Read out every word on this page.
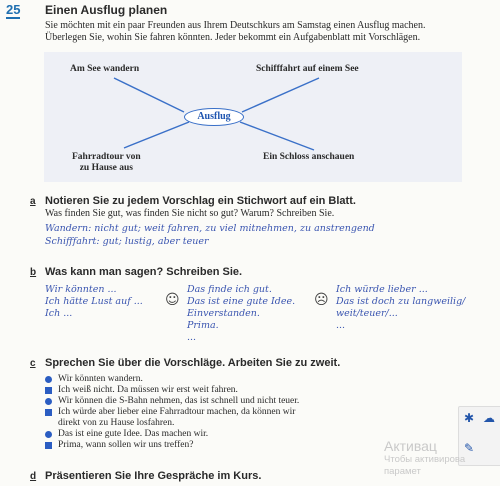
25 Einen Ausflug planen
Sie möchten mit ein paar Freunden aus Ihrem Deutschkurs am Samstag einen Ausflug machen.
Überlegen Sie, wohin Sie fahren könnten. Jeder bekommt ein Aufgabenblatt mit Vorschlägen.
Am See wandern	Schifffahrt auf einem See
Ausflug
Fahrradtour von
zu Hause aus
Ein Schloss anschauen
a Notieren Sie zu jedem Vorschlag ein Stichwort auf ein Blatt.
Was finden Sie gut, was finden Sie nicht so gut? Warum? Schreiben Sie.
Wandern: nicht gut; weit fahren, zu viel mitnehmen, zu anstrengend
Schifffahrt: gut; lustig, aber teuer
b Was kann man sagen? Schreiben Sie.
Wir könnten ...
Ich hätte Lust auf ...
Ich ...
☺
Das finde ich gut.
Das ist eine gute Idee.
Einverstanden.
Prima.
...
☹
Ich würde lieber ...
Das ist doch zu langweilig/
weit/teuer/...
...
c Sprechen Sie über die Vorschläge. Arbeiten Sie zu zweit.
Wir könnten wandern.
Ich weiß nicht. Da müssen wir erst weit fahren.
Wir können die S-Bahn nehmen, das ist schnell und nicht teuer.
Ich würde aber lieber eine Fahrradtour machen, da können wir
direkt von zu Hause losfahren.
Das ist eine gute Idee. Das machen wir.
Prima, wann sollen wir uns treffen?
d Präsentieren Sie Ihre Gespräche im Kurs.
✱ ☁
✎
Активац
Чтобы активирова
парамет
